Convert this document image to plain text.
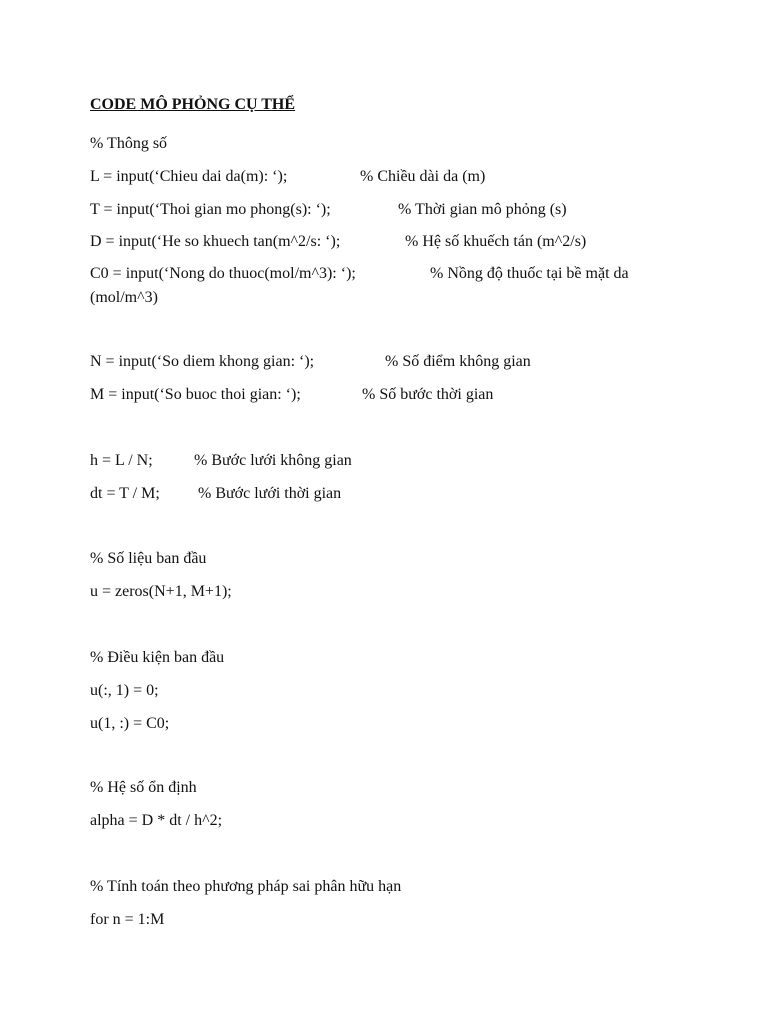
CODE MÔ PHỎNG CỤ THỂ
% Thông số
L = input(‘Chieu dai da(m): ‘);	% Chiều dài da (m)
T = input(‘Thoi gian mo phong(s): ‘);	% Thời gian mô phỏng (s)
D = input(‘He so khuech tan(m^2/s: ‘);	% Hệ số khuếch tán (m^2/s)
C0 = input(‘Nong do thuoc(mol/m^3): ‘);	% Nồng độ thuốc tại bề mặt da
(mol/m^3)
N = input(‘So diem khong gian: ‘);	% Số điểm không gian
M = input(‘So buoc thoi gian: ‘);	% Số bước thời gian
h = L / N;	% Bước lưới không gian
dt = T / M; % Bước lưới thời gian
% Số liệu ban đầu
u = zeros(N+1, M+1);
% Điều kiện ban đầu
u(:, 1) = 0;
u(1, :) = C0;
% Hệ số ổn định
alpha = D * dt / h^2;
% Tính toán theo phương pháp sai phân hữu hạn
for n = 1:M
